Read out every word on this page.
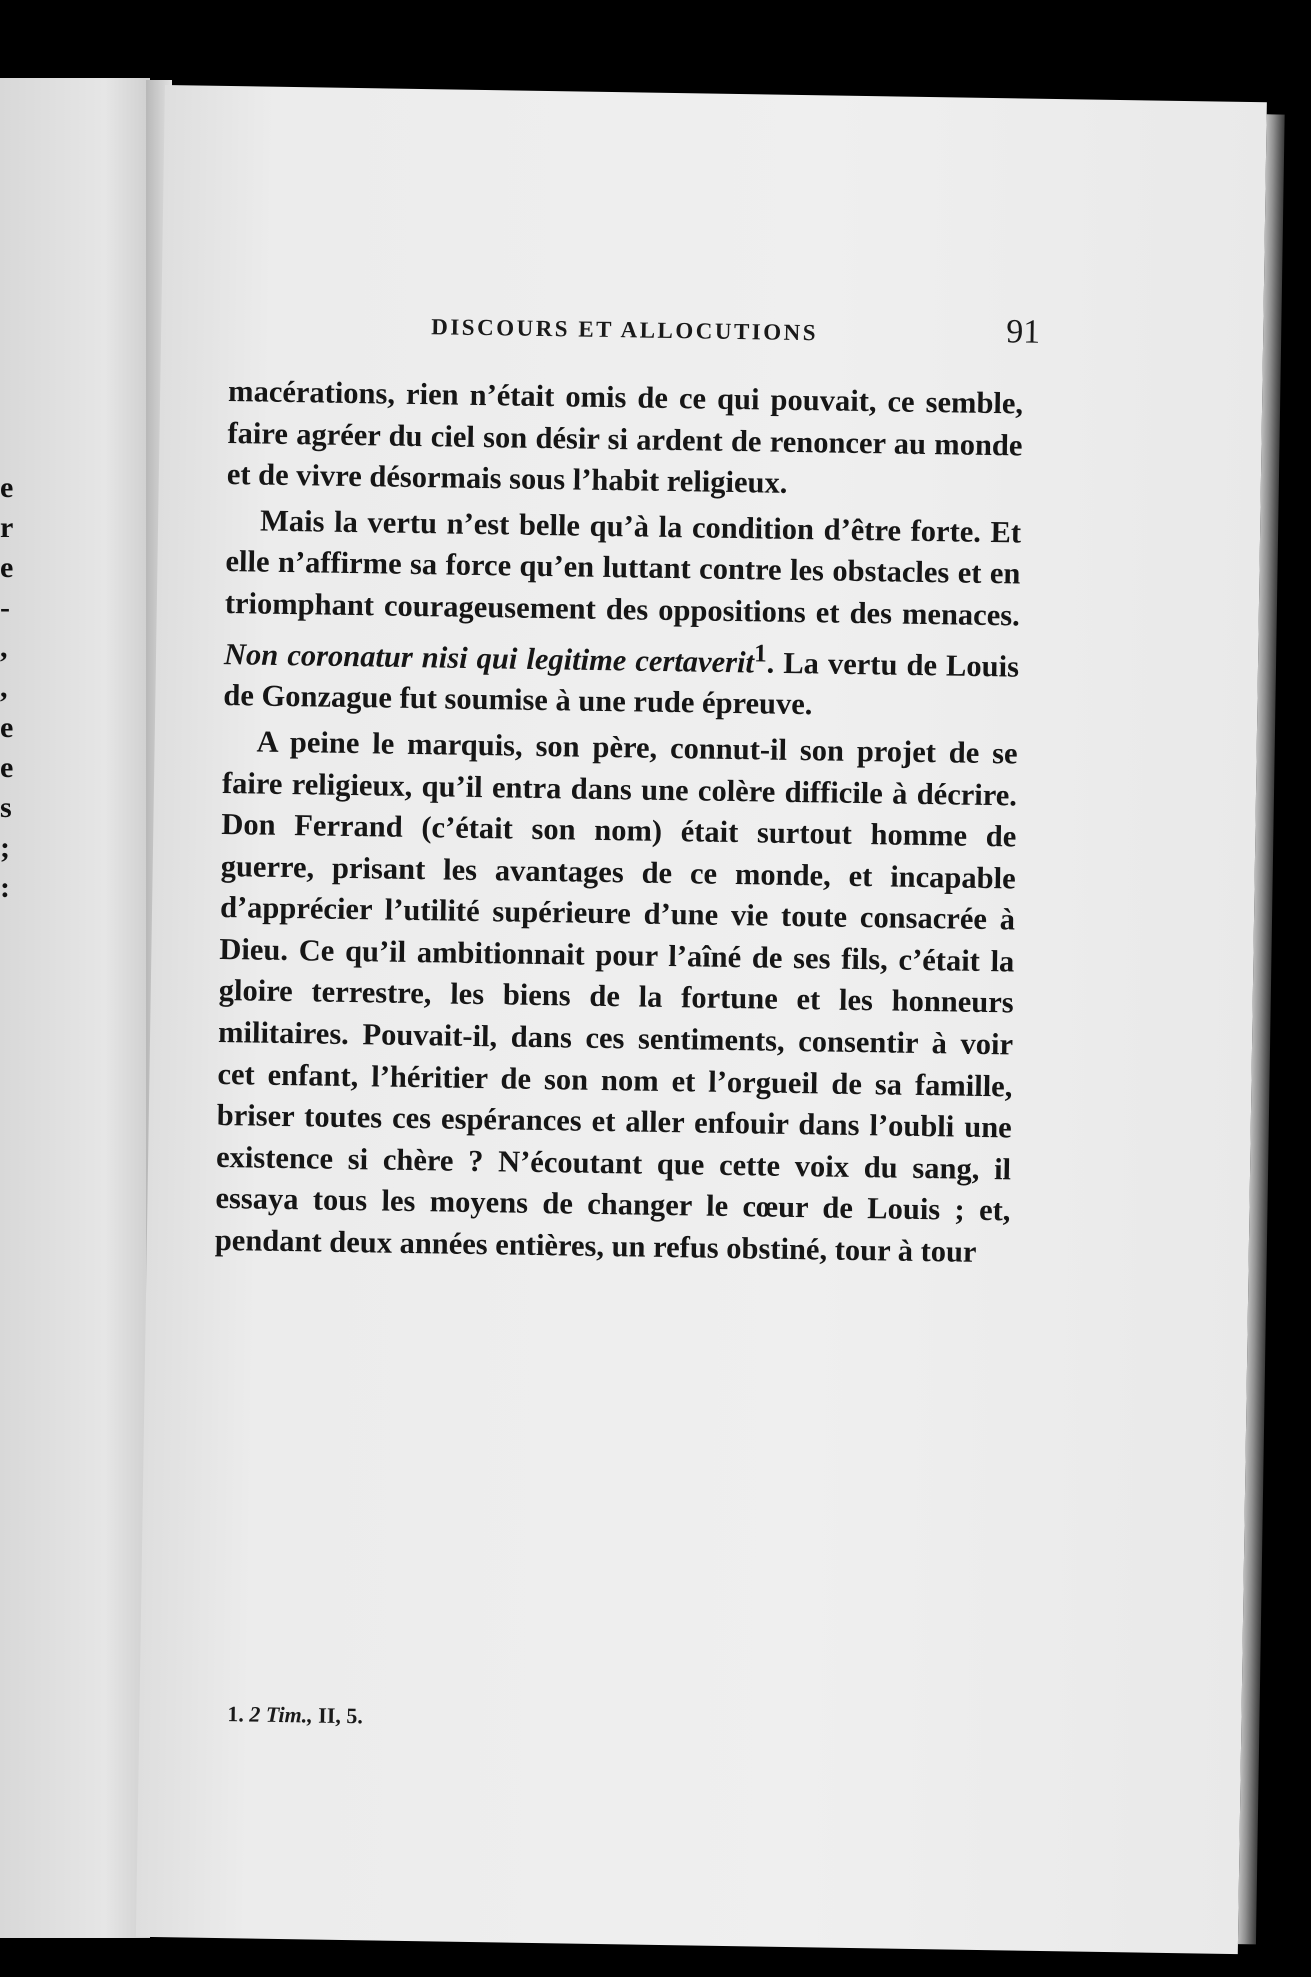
e
r
e
-
,
,
e
e
s
;
:
DISCOURS ET ALLOCUTIONS	91

macérations, rien n’était omis de ce qui pouvait, ce semble, faire agréer du ciel son désir si ardent de renoncer au monde et de vivre désormais sous l’habit religieux.

Mais la vertu n’est belle qu’à la condition d’être forte. Et elle n’affirme sa force qu’en luttant contre les obstacles et en triomphant courageusement des oppositions et des menaces. Non coronatur nisi qui legitime certaverit$^1$. La vertu de Louis de Gonzague fut soumise à une rude épreuve.

A peine le marquis, son père, connut-il son projet de se faire religieux, qu’il entra dans une colère difficile à décrire. Don Ferrand (c’était son nom) était surtout homme de guerre, prisant les avantages de ce monde, et incapable d’apprécier l’utilité supérieure d’une vie toute consacrée à Dieu. Ce qu’il ambitionnait pour l’aîné de ses fils, c’était la gloire terrestre, les biens de la fortune et les honneurs militaires. Pouvait-il, dans ces sentiments, consentir à voir cet enfant, l’héritier de son nom et l’orgueil de sa famille, briser toutes ces espérances et aller enfouir dans l’oubli une existence si chère ? N’écoutant que cette voix du sang, il essaya tous les moyens de changer le cœur de Louis ; et, pendant deux années entières, un refus obstiné, tour à tour

1. 2 Tim., II, 5.
